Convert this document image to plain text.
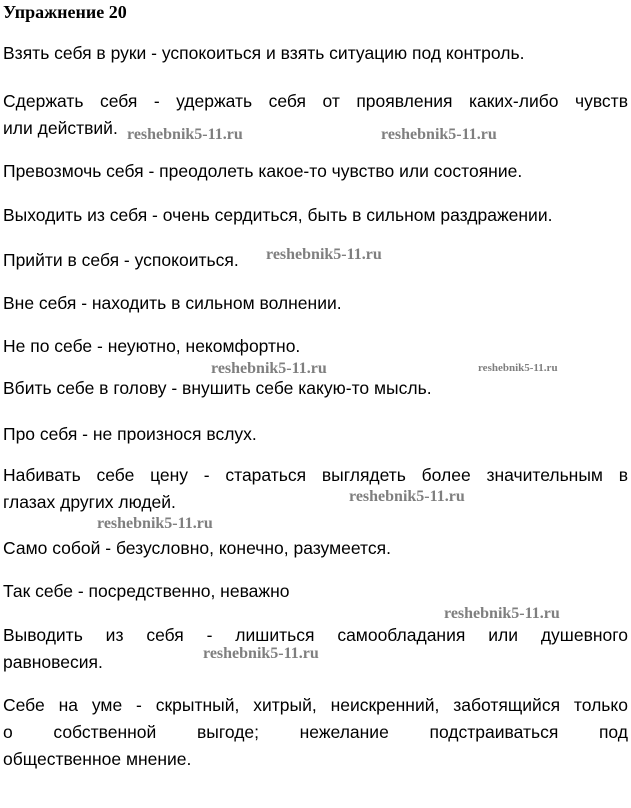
Упражнение 20
Взять себя в руки - успокоиться и взять ситуацию под контроль.
Сдержать себя - удержать себя от проявления каких-либо чувств
или действий.
Превозмочь себя - преодолеть какое-то чувство или состояние.
Выходить из себя - очень сердиться, быть в сильном раздражении.
Прийти в себя - успокоиться.
Вне себя - находить в сильном волнении.
Не по себе - неуютно, некомфортно.
Вбить себе в голову - внушить себе какую-то мысль.
Про себя - не произнося вслух.
Набивать себе цену - стараться выглядеть более значительным в
глазах других людей.
Само собой - безусловно, конечно, разумеется.
Так себе - посредственно, неважно
Выводить из себя - лишиться самообладания или душевного
равновесия.
Себе на уме - скрытный, хитрый, неискренний, заботящийся только
о собственной выгоде; нежелание подстраиваться под
общественное мнение.
reshebnik5-11.ru	reshebnik5-11.ru
reshebnik5-11.ru
reshebnik5-11.ru	reshebnik5-11.ru
reshebnik5-11.ru
reshebnik5-11.ru
reshebnik5-11.ru
reshebnik5-11.ru
